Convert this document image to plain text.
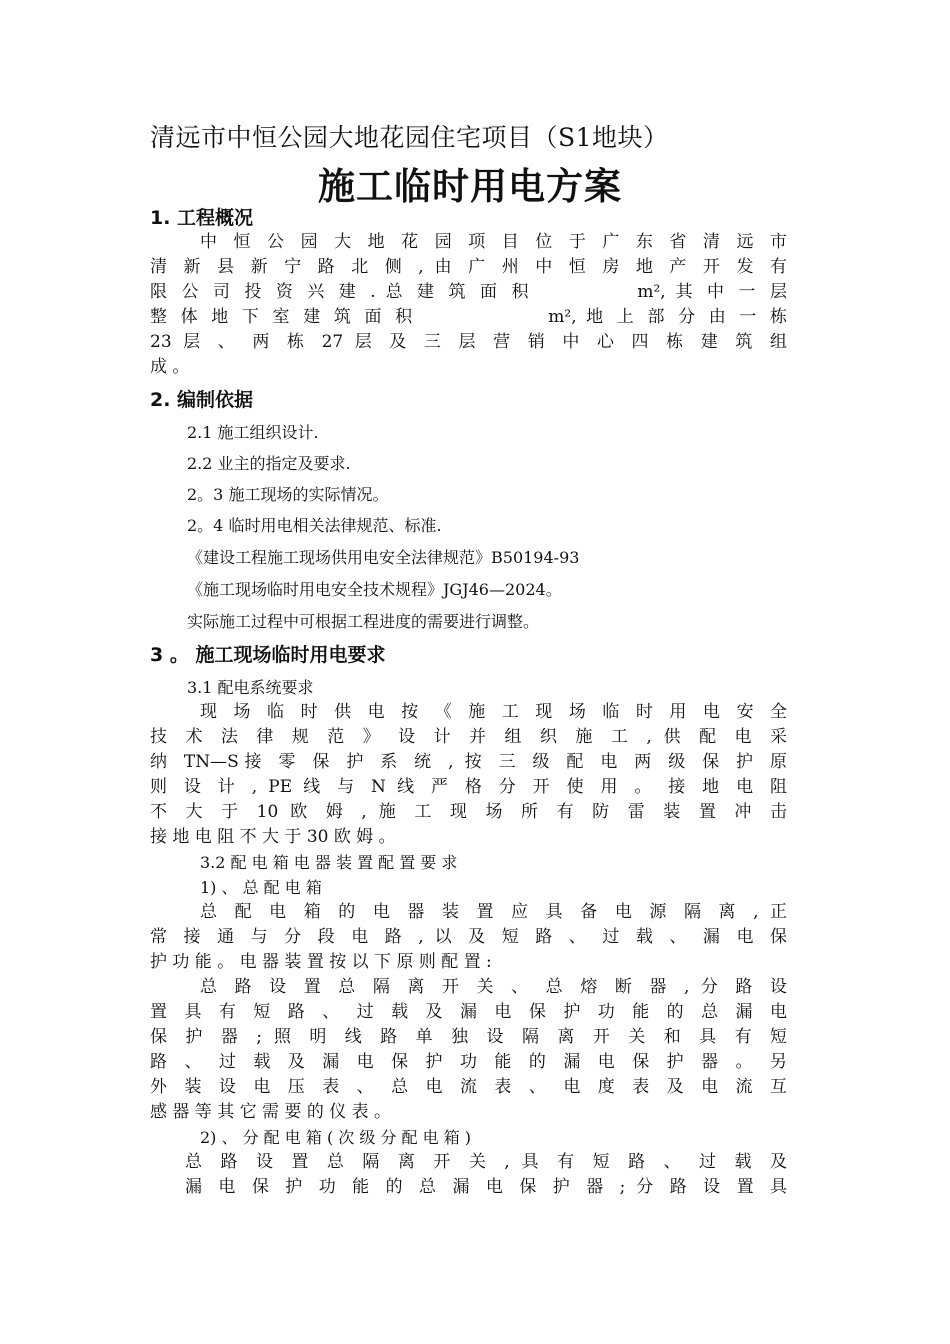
清远市中恒公园大地花园住宅项目（S1地块）
施工临时用电方案
1. 工程概况
中 恒 公 园 大 地 花 园 项 目 位 于 广 东 省 清 远 市
清 新 县 新 宁 路 北 侧 , 由 广 州 中 恒 房 地 产 开 发 有
限 公 司 投 资 兴 建 . 总 建 筑 面 积 　 　 　 m², 其 中 一 层
整 体 地 下 室 建 筑 面 积 　 　 　 　 m², 地 上 部 分 由 一 栋
23 层 、 两 栋 27 层 及 三 层 营 销 中 心 四 栋 建 筑 组
成 。
2. 编制依据
2.1 施工组织设计.
2.2 业主的指定及要求.
2。3 施工现场的实际情况。
2。4 临时用电相关法律规范、标准.
《建设工程施工现场供用电安全法律规范》B50194-93
《施工现场临时用电安全技术规程》JGJ46—2024。
实际施工过程中可根据工程进度的需要进行调整。
3 。 施工现场临时用电要求
3.1 配电系统要求
现 场 临 时 供 电 按 《 施 工 现 场 临 时 用 电 安 全
技 术 法 律 规 范 》 设 计 并 组 织 施 工 , 供 配 电 采
纳 TN—S接 零 保 护 系 统 , 按 三 级 配 电 两 级 保 护 原
则 设 计 , PE 线 与 N 线 严 格 分 开 使 用 。 接 地 电 阻
不 大 于 10 欧 姆 , 施 工 现 场 所 有 防 雷 装 置 冲 击
接 地 电 阻 不 大 于 30 欧 姆 。
3.2 配 电 箱 电 器 装 置 配 置 要 求
1) 、 总 配 电 箱
总 配 电 箱 的 电 器 装 置 应 具 备 电 源 隔 离 , 正
常 接 通 与 分 段 电 路 , 以 及 短 路 、 过 载 、 漏 电 保
护 功 能 。 电 器 装 置 按 以 下 原 则 配 置 :
总 路 设 置 总 隔 离 开 关 、 总 熔 断 器 , 分 路 设
置 具 有 短 路 、 过 载 及 漏 电 保 护 功 能 的 总 漏 电
保 护 器 ; 照 明 线 路 单 独 设 隔 离 开 关 和 具 有 短
路 、 过 载 及 漏 电 保 护 功 能 的 漏 电 保 护 器 。 另
外 装 设 电 压 表 、 总 电 流 表 、 电 度 表 及 电 流 互
感 器 等 其 它 需 要 的 仪 表 。
2) 、 分 配 电 箱 ( 次 级 分 配 电 箱 )
总 路 设 置 总 隔 离 开 关 , 具 有 短 路 、 过 载 及
漏 电 保 护 功 能 的 总 漏 电 保 护 器 ; 分 路 设 置 具
